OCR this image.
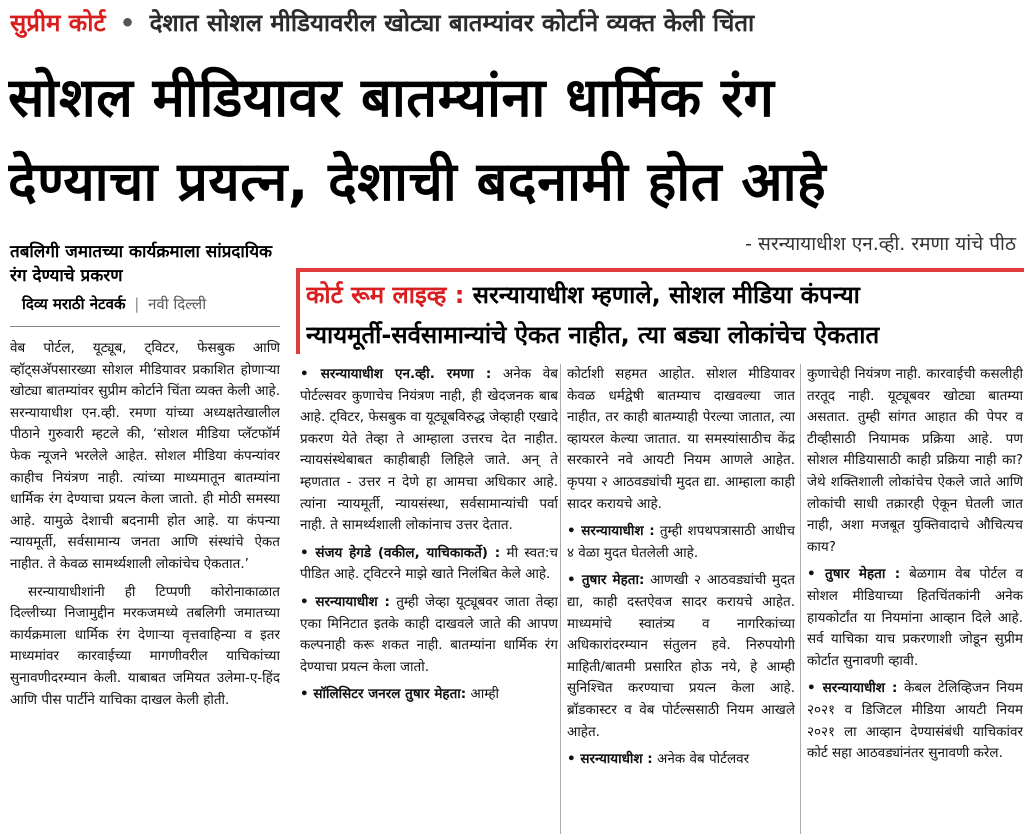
सुप्रीम कोर्ट • देशात सोशल मीडियावरील खोट्या बातम्यांवर कोर्टाने व्यक्त केली चिंता
सोशल मीडियावर बातम्यांना धार्मिक रंग
देण्याचा प्रयत्न, देशाची बदनामी होत आहे
- सरन्यायाधीश एन.व्ही. रमणा यांचे पीठ
तबलिगी जमातच्या कार्यक्रमाला सांप्रदायिक रंग देण्याचे प्रकरण
दिव्य मराठी नेटवर्क | नवी दिल्ली	कोर्ट रूम लाइव्ह : सरन्यायाधीश म्हणाले, सोशल मीडिया कंपन्या
न्यायमूर्ती-सर्वसामान्यांचे ऐकत नाहीत, त्या बड्या लोकांचेच ऐकतात

वेब पोर्टल, यूट्यूब, ट्विटर, फेसबुक आणि व्हॉट्सअ‍ॅपसारख्या सोशल मीडियावर प्रकाशित होणाऱ्या खोट्या बातम्यांवर सुप्रीम कोर्टाने चिंता व्यक्त केली आहे. सरन्यायाधीश एन.व्ही. रमणा यांच्या अध्यक्षतेखालील पीठाने गुरुवारी म्हटले की, ‘सोशल मीडिया प्लॅटफॉर्म फेक न्यूजने भरलेले आहेत. सोशल मीडिया कंपन्यांवर काहीच नियंत्रण नाही. त्यांच्या माध्यमातून बातम्यांना धार्मिक रंग देण्याचा प्रयत्न केला जातो. ही मोठी समस्या आहे. यामुळे देशाची बदनामी होत आहे. या कंपन्या न्यायमूर्ती, सर्वसामान्य जनता आणि संस्थांचे ऐकत नाहीत. ते केवळ सामर्थ्यशाली लोकांचेच ऐकतात.’

सरन्यायाधीशांनी ही टिप्पणी कोरोनाकाळात दिल्लीच्या निजामुद्दीन मरकजमध्ये तबलिगी जमातच्या कार्यक्रमाला धार्मिक रंग देणाऱ्या वृत्तवाहिन्या व इतर माध्यमांवर कारवाईच्या मागणीवरील याचिकांच्या सुनावणीदरम्यान केली. याबाबत जमियत उलेमा-ए-हिंद आणि पीस पार्टीने याचिका दाखल केली होती.

• सरन्यायाधीश एन.व्ही. रमणा : अनेक वेब पोर्टल्सवर कुणाचेच नियंत्रण नाही, ही खेदजनक बाब आहे. ट्विटर, फेसबुक वा यूट्यूबविरुद्ध जेव्हाही एखादे प्रकरण येते तेव्हा ते आम्हाला उत्तरच देत नाहीत. न्यायसंस्थेबाबत काहीबाही लिहिले जाते. अन् ते म्हणतात - उत्तर न देणे हा आमचा अधिकार आहे. त्यांना न्यायमूर्ती, न्यायसंस्था, सर्वसामान्यांची पर्वा नाही. ते सामर्थ्यशाली लोकांनाच उत्तर देतात.

• संजय हेगडे (वकील, याचिकाकर्ते) : मी स्वत:च पीडित आहे. ट्विटरने माझे खाते निलंबित केले आहे.

• सरन्यायाधीश : तुम्ही जेव्हा यूट्यूबवर जाता तेव्हा एका मिनिटात इतके काही दाखवले जाते की आपण कल्पनाही करू शकत नाही. बातम्यांना धार्मिक रंग देण्याचा प्रयत्न केला जातो.

• सॉलिसिटर जनरल तुषार मेहता: आम्ही

कोर्टाशी सहमत आहोत. सोशल मीडियावर केवळ धर्मद्वेषी बातम्याच दाखवल्या जात नाहीत, तर काही बातम्याही पेरल्या जातात, त्या व्हायरल केल्या जातात. या समस्यांसाठीच केंद्र सरकारने नवे आयटी नियम आणले आहेत. कृपया २ आठवड्यांची मुदत द्या. आम्हाला काही सादर करायचे आहे.

• सरन्यायाधीश : तुम्ही शपथपत्रासाठी आधीच ४ वेळा मुदत घेतलेली आहे.

• तुषार मेहता: आणखी २ आठवड्यांची मुदत द्या, काही दस्तऐवज सादर करायचे आहेत. माध्यमांचे स्वातंत्र्य व नागरिकांच्या अधिकारांदरम्यान संतुलन हवे. निरुपयोगी माहिती/बातमी प्रसारित होऊ नये, हे आम्ही सुनिश्चित करण्याचा प्रयत्न केला आहे. ब्रॉडकास्टर व वेब पोर्टल्ससाठी नियम आखले आहेत.

• सरन्यायाधीश : अनेक वेब पोर्टलवर

कुणाचेही नियंत्रण नाही. कारवाईची कसलीही तरतूद नाही. यूट्यूबवर खोट्या बातम्या असतात. तुम्ही सांगत आहात की पेपर व टीव्हीसाठी नियामक प्रक्रिया आहे. पण सोशल मीडियासाठी काही प्रक्रिया नाही का? जेथे शक्तिशाली लोकांचेच ऐकले जाते आणि लोकांची साधी तक्रारही ऐकून घेतली जात नाही, अशा मजबूत युक्तिवादाचे औचित्यच काय?

• तुषार मेहता : बेळगाम वेब पोर्टल व सोशल मीडियाच्या हितचिंतकांनी अनेक हायकोर्टांत या नियमांना आव्हान दिले आहे. सर्व याचिका याच प्रकरणाशी जोडून सुप्रीम कोर्टात सुनावणी व्हावी.

• सरन्यायाधीश : केबल टेलिव्हिजन नियम २०२१ व डिजिटल मीडिया आयटी नियम २०२१ ला आव्हान देण्यासंबंधी याचिकांवर कोर्ट सहा आठवड्यांनंतर सुनावणी करेल.
